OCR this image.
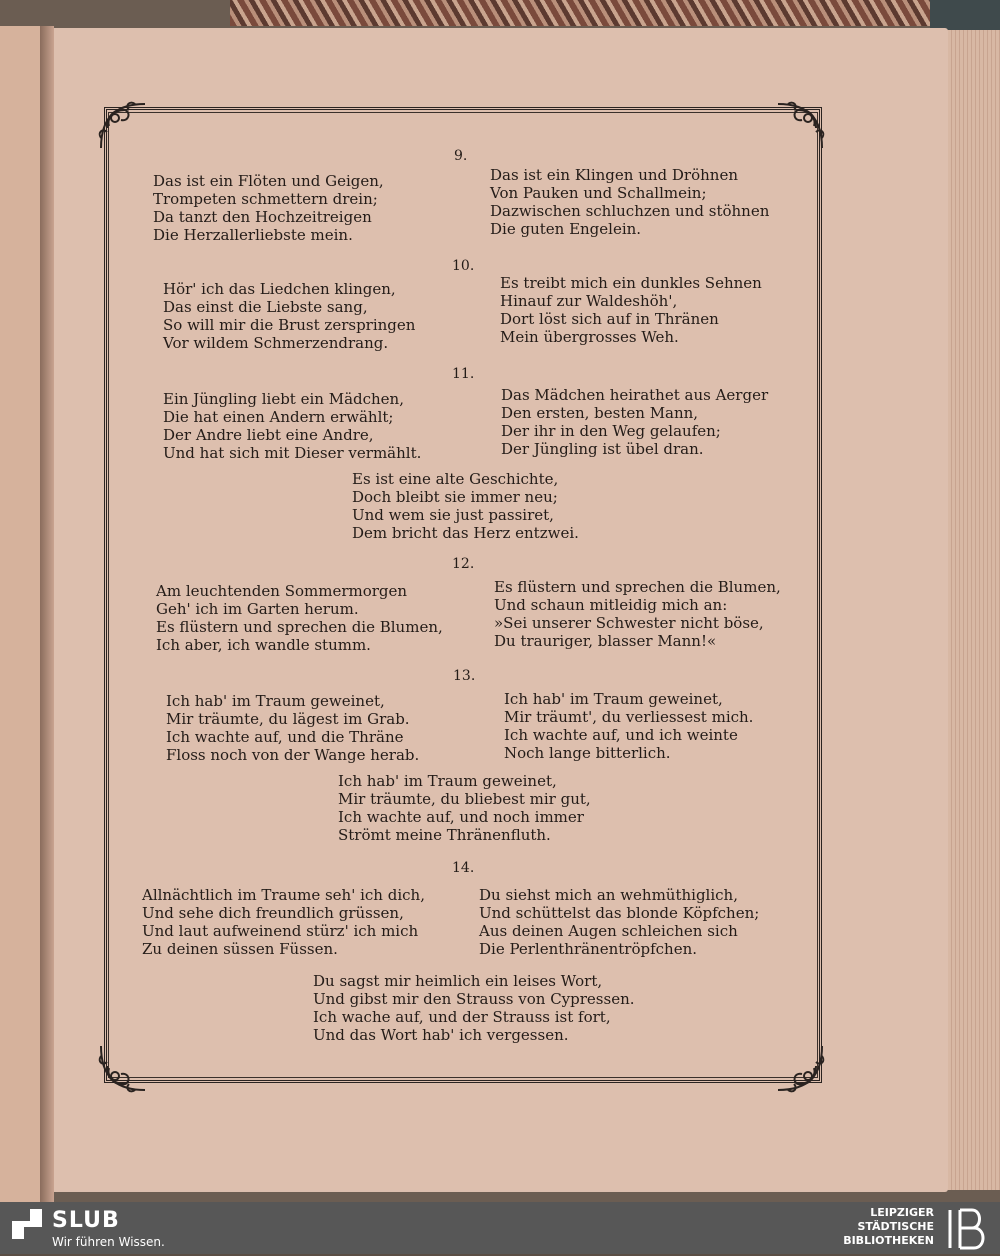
9.
Das ist ein Flöten und Geigen,
Trompeten schmettern drein;
Da tanzt den Hochzeitreigen
Die Herzallerliebste mein.
Das ist ein Klingen und Dröhnen
Von Pauken und Schallmein;
Dazwischen schluchzen und stöhnen
Die guten Engelein.
10.
Hör' ich das Liedchen klingen,
Das einst die Liebste sang,
So will mir die Brust zerspringen
Vor wildem Schmerzendrang.
Es treibt mich ein dunkles Sehnen
Hinauf zur Waldeshöh',
Dort löst sich auf in Thränen
Mein übergrosses Weh.
11.
Ein Jüngling liebt ein Mädchen,
Die hat einen Andern erwählt;
Der Andre liebt eine Andre,
Und hat sich mit Dieser vermählt.
Das Mädchen heirathet aus Aerger
Den ersten, besten Mann,
Der ihr in den Weg gelaufen;
Der Jüngling ist übel dran.
Es ist eine alte Geschichte,
Doch bleibt sie immer neu;
Und wem sie just passiret,
Dem bricht das Herz entzwei.
12.
Am leuchtenden Sommermorgen
Geh' ich im Garten herum.
Es flüstern und sprechen die Blumen,
Ich aber, ich wandle stumm.
Es flüstern und sprechen die Blumen,
Und schaun mitleidig mich an:
»Sei unserer Schwester nicht böse,
Du trauriger, blasser Mann!«
13.
Ich hab' im Traum geweinet,
Mir träumte, du lägest im Grab.
Ich wachte auf, und die Thräne
Floss noch von der Wange herab.
Ich hab' im Traum geweinet,
Mir träumt', du verliessest mich.
Ich wachte auf, und ich weinte
Noch lange bitterlich.
Ich hab' im Traum geweinet,
Mir träumte, du bliebest mir gut,
Ich wachte auf, und noch immer
Strömt meine Thränenfluth.
14.
Allnächtlich im Traume seh' ich dich,
Und sehe dich freundlich grüssen,
Und laut aufweinend stürz' ich mich
Zu deinen süssen Füssen.
Du siehst mich an wehmüthiglich,
Und schüttelst das blonde Köpfchen;
Aus deinen Augen schleichen sich
Die Perlenthränentröpfchen.
Du sagst mir heimlich ein leises Wort,
Und gibst mir den Strauss von Cypressen.
Ich wache auf, und der Strauss ist fort,
Und das Wort hab' ich vergessen.
SLUB
Wir führen Wissen.
LEIPZIGER
STÄDTISCHE
BIBLIOTHEKEN
